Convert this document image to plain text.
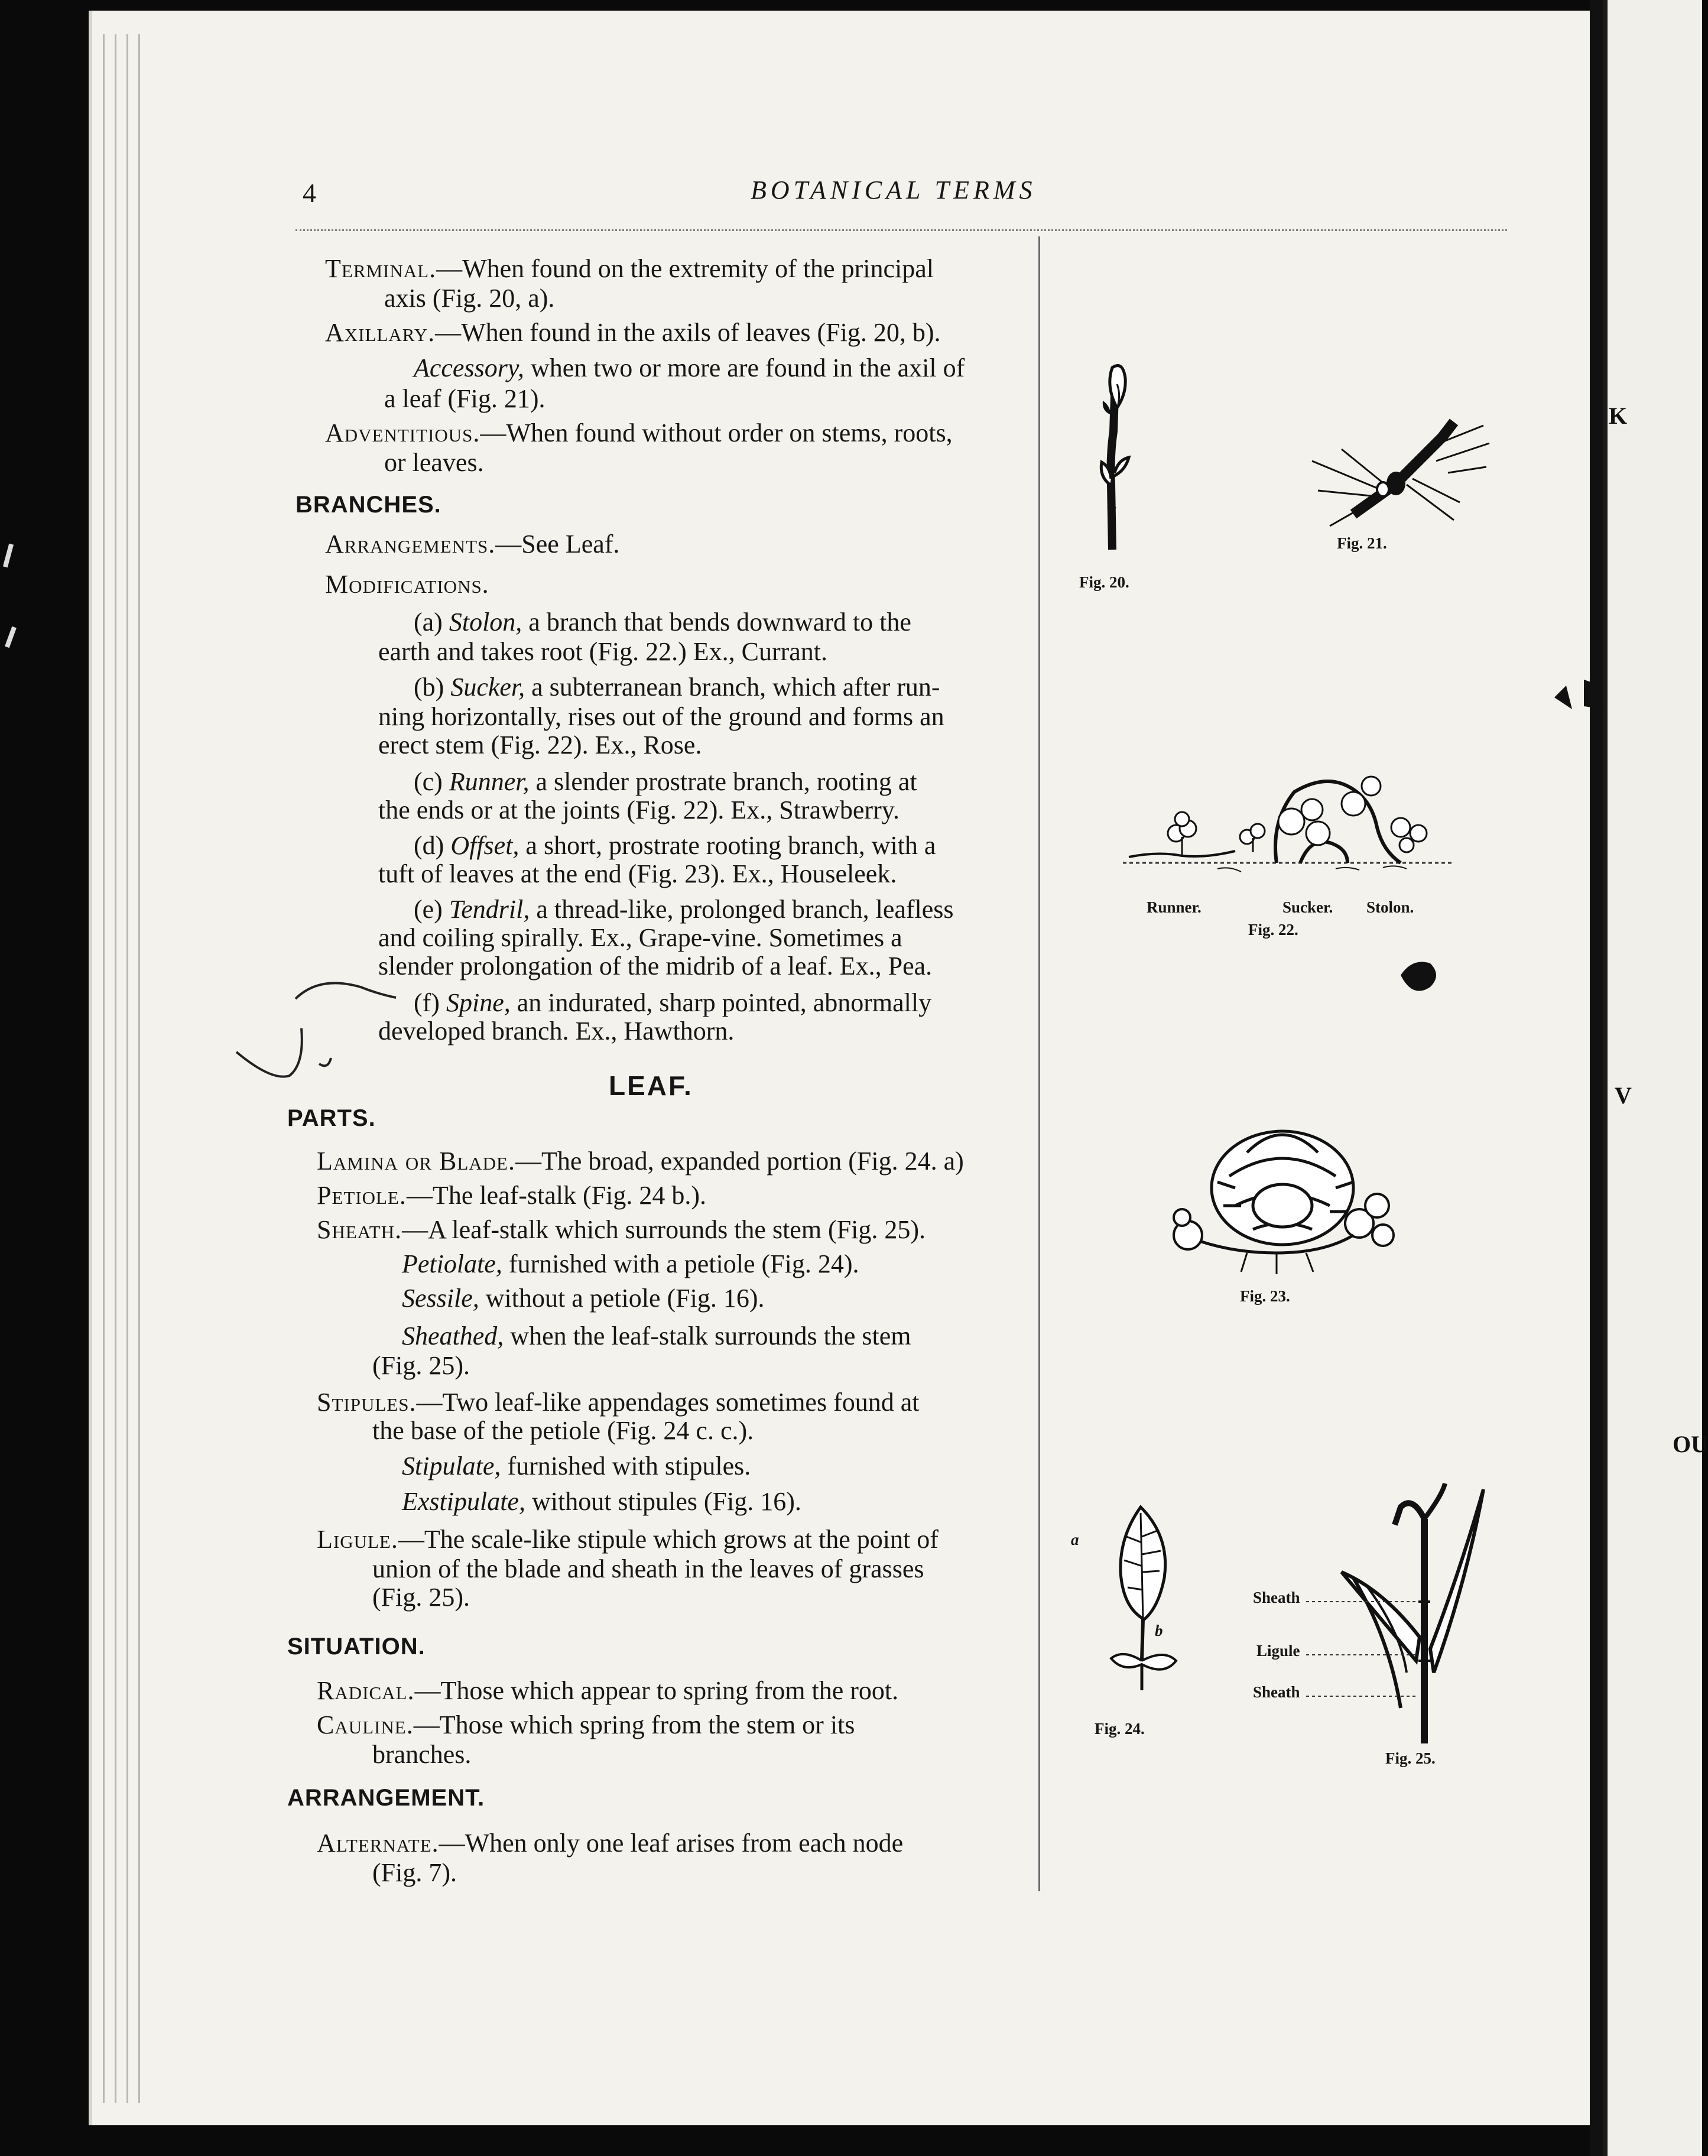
K
V
OU
4	BOTANICAL TERMS
Terminal.—When found on the extremity of the principal
axis (Fig. 20, a).
Axillary.—When found in the axils of leaves (Fig. 20, b).
Accessory, when two or more are found in the axil of
a leaf (Fig. 21).
Adventitious.—When found without order on stems, roots,
or leaves.
BRANCHES.
Arrangements.—See Leaf.
Modifications.
(a) Stolon, a branch that bends downward to the
earth and takes root (Fig. 22.) Ex., Currant.
(b) Sucker, a subterranean branch, which after run-
ning horizontally, rises out of the ground and forms an
erect stem (Fig. 22). Ex., Rose.
(c) Runner, a slender prostrate branch, rooting at
the ends or at the joints (Fig. 22). Ex., Strawberry.
(d) Offset, a short, prostrate rooting branch, with a
tuft of leaves at the end (Fig. 23). Ex., Houseleek.
(e) Tendril, a thread-like, prolonged branch, leafless
and coiling spirally. Ex., Grape-vine. Sometimes a
slender prolongation of the midrib of a leaf. Ex., Pea.
(f) Spine, an indurated, sharp pointed, abnormally
developed branch. Ex., Hawthorn.
LEAF.
PARTS.
Lamina or Blade.—The broad, expanded portion (Fig. 24. a)
Petiole.—The leaf-stalk (Fig. 24 b.).
Sheath.—A leaf-stalk which surrounds the stem (Fig. 25).
Petiolate, furnished with a petiole (Fig. 24).
Sessile, without a petiole (Fig. 16).
Sheathed, when the leaf-stalk surrounds the stem
(Fig. 25).
Stipules.—Two leaf-like appendages sometimes found at
the base of the petiole (Fig. 24 c. c.).
Stipulate, furnished with stipules.
Exstipulate, without stipules (Fig. 16).
Ligule.—The scale-like stipule which grows at the point of
union of the blade and sheath in the leaves of grasses
(Fig. 25).
SITUATION.
Radical.—Those which appear to spring from the root.
Cauline.—Those which spring from the stem or its
branches.
ARRANGEMENT.
Alternate.—When only one leaf arises from each node
(Fig. 7).
Fig. 20.
Fig. 21.
Runner.	Sucker. Stolon.
Fig. 22.
Fig. 23.
a
b
Fig. 24.
Sheath
Ligule
Sheath
Fig. 25.
